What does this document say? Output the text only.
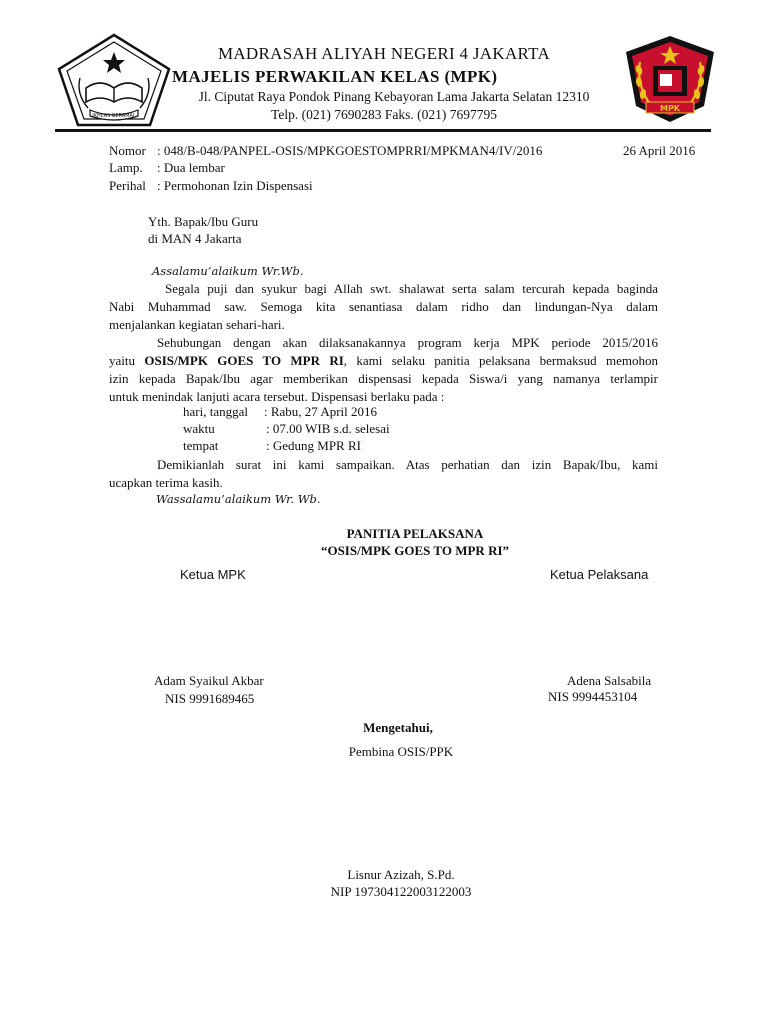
IKHLAS BERAMAL
MPK
MADRASAH ALIYAH NEGERI 4 JAKARTA
MAJELIS PERWAKILAN KELAS (MPK)
Jl. Ciputat Raya Pondok Pinang Kebayoran Lama Jakarta Selatan 12310
Telp. (021) 7690283 Faks. (021) 7697795
Nomor : 048/B-048/PANPEL-OSIS/MPKGOESTOMPRRI/MPKMAN4/IV/2016	26 April 2016
Lamp. : Dua lembar
Perihal : Permohonan Izin Dispensasi
Yth. Bapak/Ibu Guru
di MAN 4 Jakarta
Assalamu’alaikum Wr.Wb.
Segala puji dan syukur bagi Allah swt. shalawat serta salam tercurah kepada baginda
Nabi Muhammad saw. Semoga kita senantiasa dalam ridho dan lindungan-Nya dalam
menjalankan kegiatan sehari-hari.
Sehubungan dengan akan dilaksanakannya program kerja MPK periode 2015/2016
yaitu OSIS/MPK GOES TO MPR RI, kami selaku panitia pelaksana bermaksud memohon
izin kepada Bapak/Ibu agar memberikan dispensasi kepada Siswa/i yang namanya terlampir
untuk menindak lanjuti acara tersebut. Dispensasi berlaku pada :
hari, tanggal : Rabu, 27 April 2016
waktu	: 07.00 WIB s.d. selesai
tempat	: Gedung MPR RI
Demikianlah surat ini kami sampaikan. Atas perhatian dan izin Bapak/Ibu, kami
ucapkan terima kasih.
Wassalamu’alaikum Wr. Wb.
PANITIA PELAKSANA
“OSIS/MPK GOES TO MPR RI”
Ketua MPK	Ketua Pelaksana
Adam Syaikul Akbar
NIS 9991689465
Adena Salsabila
NIS 9994453104
Mengetahui,
Pembina OSIS/PPK
Lisnur Azizah, S.Pd.
NIP 197304122003122003
